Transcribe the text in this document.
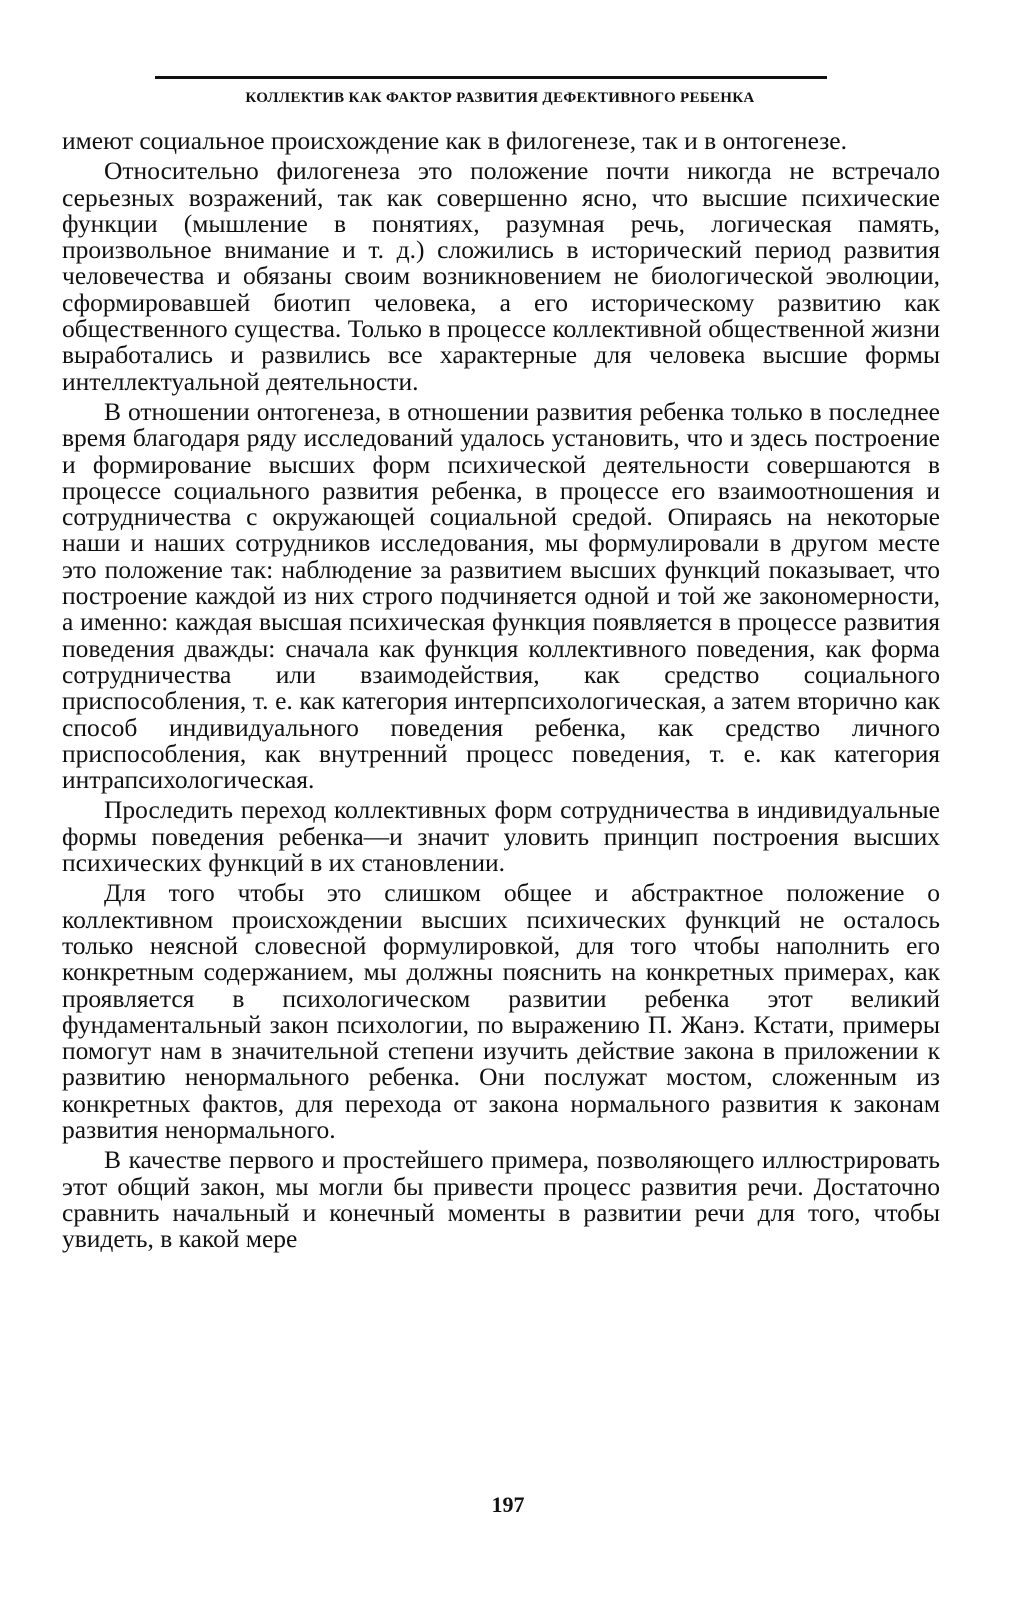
КОЛЛЕКТИВ КАК ФАКТОР РАЗВИТИЯ ДЕФЕКТИВНОГО РЕБЕНКА

имеют социальное происхождение как в филогенезе, так и в онтогенезе.

Относительно филогенеза это положение почти никогда не встречало серьезных возражений, так как совершенно ясно, что высшие психические функции (мышление в понятиях, разумная речь, логическая память, произвольное внимание и т. д.) сложились в исторический период развития человечества и обязаны своим возникновением не биологической эволюции, сформировавшей биотип человека, а его историческому развитию как общественного существа. Только в процессе коллективной общественной жизни выработались и развились все характерные для человека высшие формы интеллектуальной деятельности.

В отношении онтогенеза, в отношении развития ребенка только в последнее время благодаря ряду исследований удалось установить, что и здесь построение и формирование высших форм психической деятельности совершаются в процессе социального развития ребенка, в процессе его взаимоотношения и сотрудничества с окружающей социальной средой. Опираясь на некоторые наши и наших сотрудников исследования, мы формулировали в другом месте это положение так: наблюдение за развитием высших функций показывает, что построение каждой из них строго подчиняется одной и той же закономерности, а именно: каждая высшая психическая функция появляется в процессе развития поведения дважды: сначала как функция коллективного поведения, как форма сотрудничества или взаимодействия, как средство социального приспособления, т. е. как категория интерпсихологическая, а затем вторично как способ индивидуального поведения ребенка, как средство личного приспособления, как внутренний процесс поведения, т. е. как категория интрапсихологическая.

Проследить переход коллективных форм сотрудничества в индивидуальные формы поведения ребенка—и значит уловить принцип построения высших психических функций в их становлении.

Для того чтобы это слишком общее и абстрактное положение о коллективном происхождении высших психических функций не осталось только неясной словесной формулировкой, для того чтобы наполнить его конкретным содержанием, мы должны пояснить на конкретных примерах, как проявляется в психологическом развитии ребенка этот великий фундаментальный закон психологии, по выражению П. Жанэ. Кстати, примеры помогут нам в значительной степени изучить действие закона в приложении к развитию ненормального ребенка. Они послужат мостом, сложенным из конкретных фактов, для перехода от закона нормального развития к законам развития ненормального.

В качестве первого и простейшего примера, позволяющего иллюстрировать этот общий закон, мы могли бы привести процесс развития речи. Достаточно сравнить начальный и конечный моменты в развитии речи для того, чтобы увидеть, в какой мере

197
